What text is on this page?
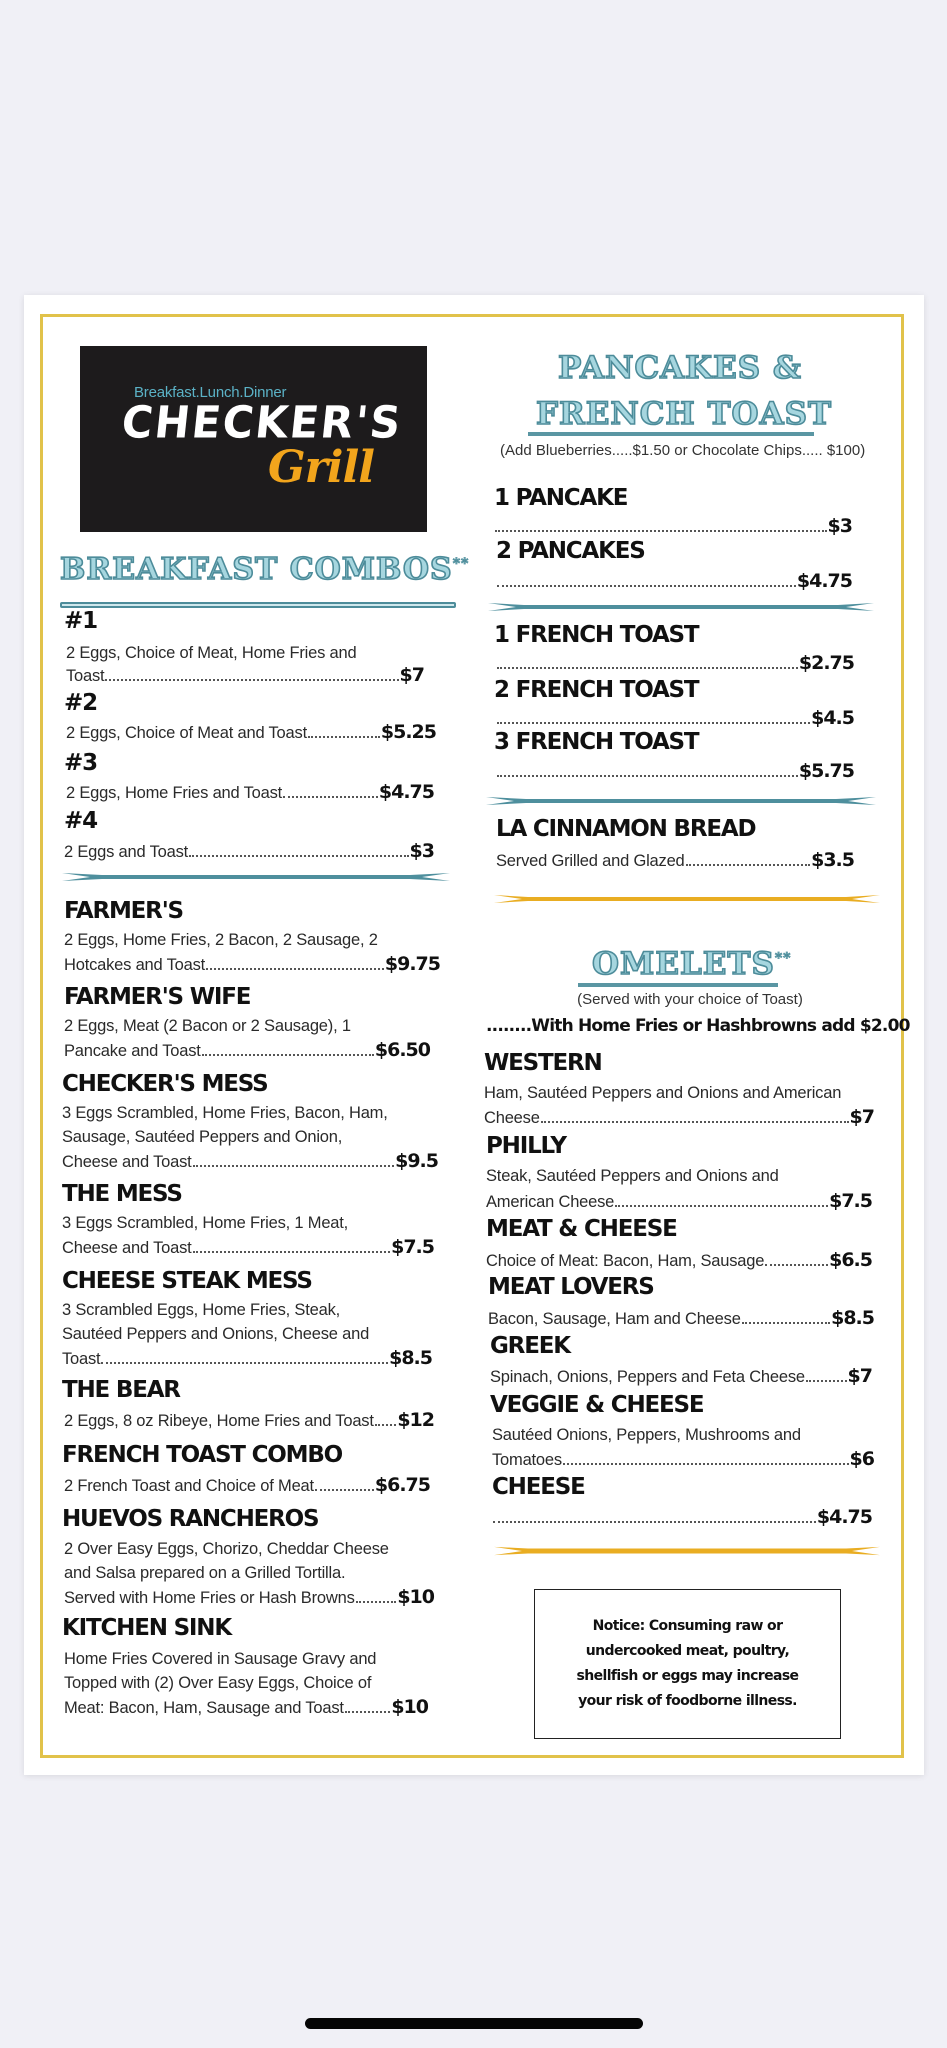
Breakfast.Lunch.Dinner
CHECKER'S
Grill
BREAKFAST COMBOS**
#1
2 Eggs, Choice of Meat, Home Fries and
Toast	$7
#2
2 Eggs, Choice of Meat and Toast	$5.25
#3
2 Eggs, Home Fries and Toast	$4.75
#4
2 Eggs and Toast	$3
FARMER'S
2 Eggs, Home Fries, 2 Bacon, 2 Sausage, 2
Hotcakes and Toast	$9.75
FARMER'S WIFE
2 Eggs, Meat (2 Bacon or 2 Sausage), 1
Pancake and Toast	$6.50
CHECKER'S MESS
3 Eggs Scrambled, Home Fries, Bacon, Ham,
Sausage, Sautéed Peppers and Onion,
Cheese and Toast	$9.5
THE MESS
3 Eggs Scrambled, Home Fries, 1 Meat,
Cheese and Toast	$7.5
CHEESE STEAK MESS
3 Scrambled Eggs, Home Fries, Steak,
Sautéed Peppers and Onions, Cheese and
Toast	$8.5
THE BEAR
2 Eggs, 8 oz Ribeye, Home Fries and Toast $12
FRENCH TOAST COMBO
2 French Toast and Choice of Meat	$6.75
HUEVOS RANCHEROS
2 Over Easy Eggs, Chorizo, Cheddar Cheese
and Salsa prepared on a Grilled Tortilla.
Served with Home Fries or Hash Browns $10
KITCHEN SINK
Home Fries Covered in Sausage Gravy and
Topped with (2) Over Easy Eggs, Choice of
Meat: Bacon, Ham, Sausage and Toast	$10
PANCAKES &
FRENCH TOAST
(Add Blueberries.....$1.50 or Chocolate Chips..... $100)
1 PANCAKE
$3
2 PANCAKES
$4.75
1 FRENCH TOAST
$2.75
2 FRENCH TOAST
$4.5
3 FRENCH TOAST
$5.75
LA CINNAMON BREAD
Served Grilled and Glazed	$3.5
OMELETS**
(Served with your choice of Toast)
........With Home Fries or Hashbrowns add $2.00
WESTERN
Ham, Sautéed Peppers and Onions and American
Cheese	$7
PHILLY
Steak, Sautéed Peppers and Onions and
American Cheese	$7.5
MEAT & CHEESE
Choice of Meat: Bacon, Ham, Sausage	$6.5
MEAT LOVERS
Bacon, Sausage, Ham and Cheese	$8.5
GREEK
Spinach, Onions, Peppers and Feta Cheese $7
VEGGIE & CHEESE
Sautéed Onions, Peppers, Mushrooms and
Tomatoes	$6
CHEESE
$4.75

Notice: Consuming raw or undercooked meat, poultry, shellfish or eggs may increase your risk of foodborne illness.
